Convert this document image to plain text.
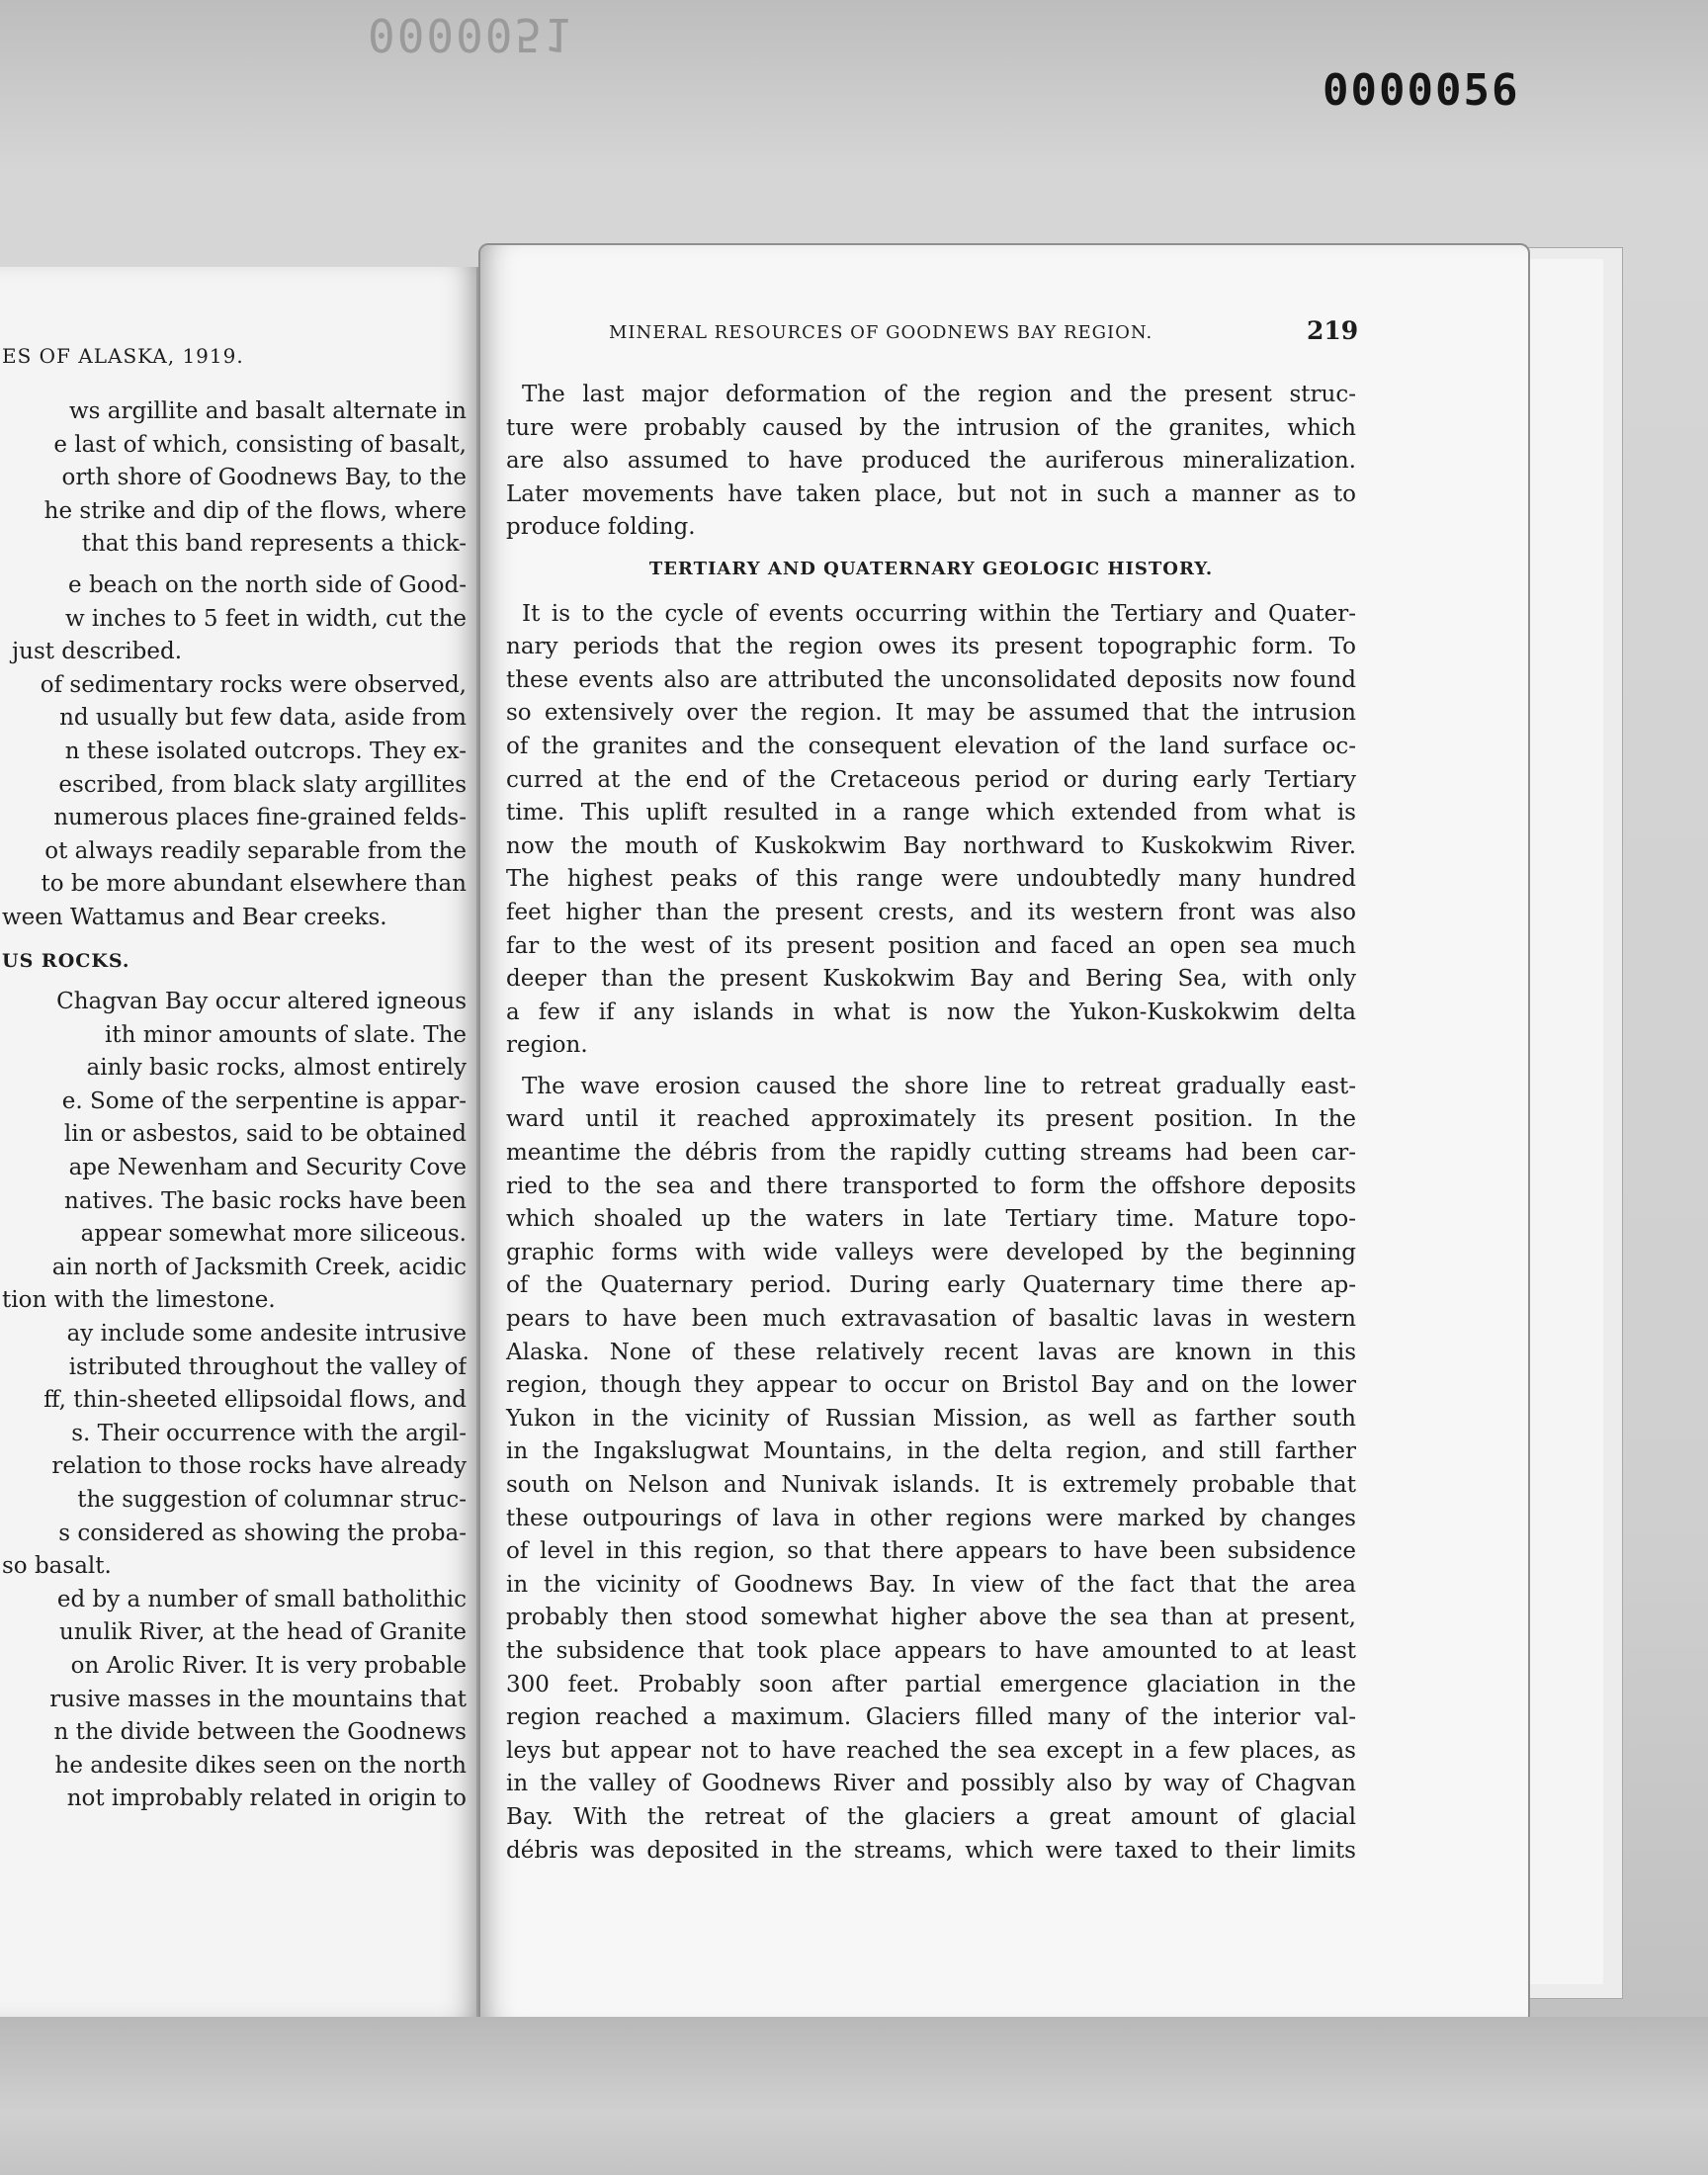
0000051
0000056
ES OF ALASKA, 1919.
ws argillite and basalt alternate in
e last of which, consisting of basalt,
orth shore of Goodnews Bay, to the
he strike and dip of the flows, where
that this band represents a thick-
e beach on the north side of Good-
w inches to 5 feet in width, cut the
just described.
of sedimentary rocks were observed,
nd usually but few data, aside from
n these isolated outcrops. They ex-
escribed, from black slaty argillites
numerous places fine-grained felds-
ot always readily separable from the
to be more abundant elsewhere than
ween Wattamus and Bear creeks.
US ROCKS.
Chagvan Bay occur altered igneous
ith minor amounts of slate. The
ainly basic rocks, almost entirely
e. Some of the serpentine is appar-
lin or asbestos, said to be obtained
ape Newenham and Security Cove
natives. The basic rocks have been
appear somewhat more siliceous.
ain north of Jacksmith Creek, acidic
tion with the limestone.
ay include some andesite intrusive
istributed throughout the valley of
ff, thin-sheeted ellipsoidal flows, and
s. Their occurrence with the argil-
relation to those rocks have already
the suggestion of columnar struc-
s considered as showing the proba-
so basalt.
ed by a number of small batholithic
unulik River, at the head of Granite
on Arolic River. It is very probable
rusive masses in the mountains that
n the divide between the Goodnews
he andesite dikes seen on the north
not improbably related in origin to
MINERAL RESOURCES OF GOODNEWS BAY REGION.	219
The last major deformation of the region and the present struc-
ture were probably caused by the intrusion of the granites, which
are also assumed to have produced the auriferous mineralization.
Later movements have taken place, but not in such a manner as to
produce folding.
TERTIARY AND QUATERNARY GEOLOGIC HISTORY.
It is to the cycle of events occurring within the Tertiary and Quater-
nary periods that the region owes its present topographic form. To
these events also are attributed the unconsolidated deposits now found
so extensively over the region. It may be assumed that the intrusion
of the granites and the consequent elevation of the land surface oc-
curred at the end of the Cretaceous period or during early Tertiary
time. This uplift resulted in a range which extended from what is
now the mouth of Kuskokwim Bay northward to Kuskokwim River.
The highest peaks of this range were undoubtedly many hundred
feet higher than the present crests, and its western front was also
far to the west of its present position and faced an open sea much
deeper than the present Kuskokwim Bay and Bering Sea, with only
a few if any islands in what is now the Yukon-Kuskokwim delta
region.
The wave erosion caused the shore line to retreat gradually east-
ward until it reached approximately its present position. In the
meantime the débris from the rapidly cutting streams had been car-
ried to the sea and there transported to form the offshore deposits
which shoaled up the waters in late Tertiary time. Mature topo-
graphic forms with wide valleys were developed by the beginning
of the Quaternary period. During early Quaternary time there ap-
pears to have been much extravasation of basaltic lavas in western
Alaska. None of these relatively recent lavas are known in this
region, though they appear to occur on Bristol Bay and on the lower
Yukon in the vicinity of Russian Mission, as well as farther south
in the Ingakslugwat Mountains, in the delta region, and still farther
south on Nelson and Nunivak islands. It is extremely probable that
these outpourings of lava in other regions were marked by changes
of level in this region, so that there appears to have been subsidence
in the vicinity of Goodnews Bay. In view of the fact that the area
probably then stood somewhat higher above the sea than at present,
the subsidence that took place appears to have amounted to at least
300 feet. Probably soon after partial emergence glaciation in the
region reached a maximum. Glaciers filled many of the interior val-
leys but appear not to have reached the sea except in a few places, as
in the valley of Goodnews River and possibly also by way of Chagvan
Bay. With the retreat of the glaciers a great amount of glacial
débris was deposited in the streams, which were taxed to their limits
